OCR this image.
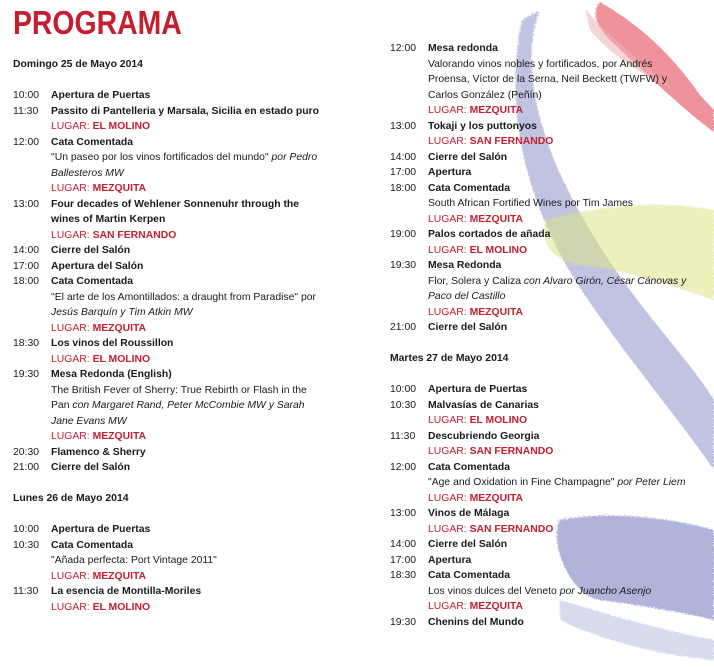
PROGRAMA
Domingo 25 de Mayo 2014
10:00	Apertura de Puertas
11:30	Passito di Pantelleria y Marsala, Sicilia en estado puro
LUGAR: EL MOLINO
12:00	Cata Comentada
"Un paseo por los vinos fortificados del mundo" por Pedro Ballesteros MW
LUGAR: MEZQUITA
13:00	Four decades of Wehlener Sonnenuhr through the wines of Martin Kerpen
LUGAR: SAN FERNANDO
14:00	Cierre del Salón
17:00	Apertura del Salón
18:00	Cata Comentada
"El arte de los Amontillados: a draught from Paradise" por Jesús Barquín y Tim Atkin MW
LUGAR: MEZQUITA
18:30	Los vinos del Roussillon
LUGAR: EL MOLINO
19:30	Mesa Redonda (English)
The British Fever of Sherry: True Rebirth or Flash in the Pan con Margaret Rand, Peter McCombie MW y Sarah Jane Evans MW
LUGAR: MEZQUITA
20:30	Flamenco & Sherry
21:00	Cierre del Salón
Lunes 26 de Mayo 2014
10:00	Apertura de Puertas
10:30	Cata Comentada
"Añada perfecta: Port Vintage 2011"
LUGAR: MEZQUITA
11:30	La esencia de Montilla-Moriles
LUGAR: EL MOLINO
12:00	Mesa redonda
Valorando vinos nobles y fortificados, por Andrés Proensa, Víctor de la Serna, Neil Beckett (TWFW) y Carlos González (Peñín)
LUGAR: MEZQUITA
13:00	Tokaji y los puttonyos
LUGAR: SAN FERNANDO
14:00	Cierre del Salón
17:00	Apertura
18:00	Cata Comentada
South African Fortified Wines por Tim James
LUGAR: MEZQUITA
19:00	Palos cortados de añada
LUGAR: EL MOLINO
19:30	Mesa Redonda
Flor, Solera y Caliza con Alvaro Girón, César Cánovas y Paco del Castillo
LUGAR: MEZQUITA
21:00	Cierre del Salón
Martes 27 de Mayo 2014
10:00	Apertura de Puertas
10:30	Malvasías de Canarias
LUGAR: EL MOLINO
11:30	Descubriendo Georgia
LUGAR: SAN FERNANDO
12:00	Cata Comentada
"Age and Oxidation in Fine Champagne" por Peter Liem
LUGAR: MEZQUITA
13:00	Vinos de Málaga
LUGAR: SAN FERNANDO
14:00	Cierre del Salón
17:00	Apertura
18:30	Cata Comentada
Los vinos dulces del Veneto por Juancho Asenjo
LUGAR: MEZQUITA
19:30	Chenins del Mundo
